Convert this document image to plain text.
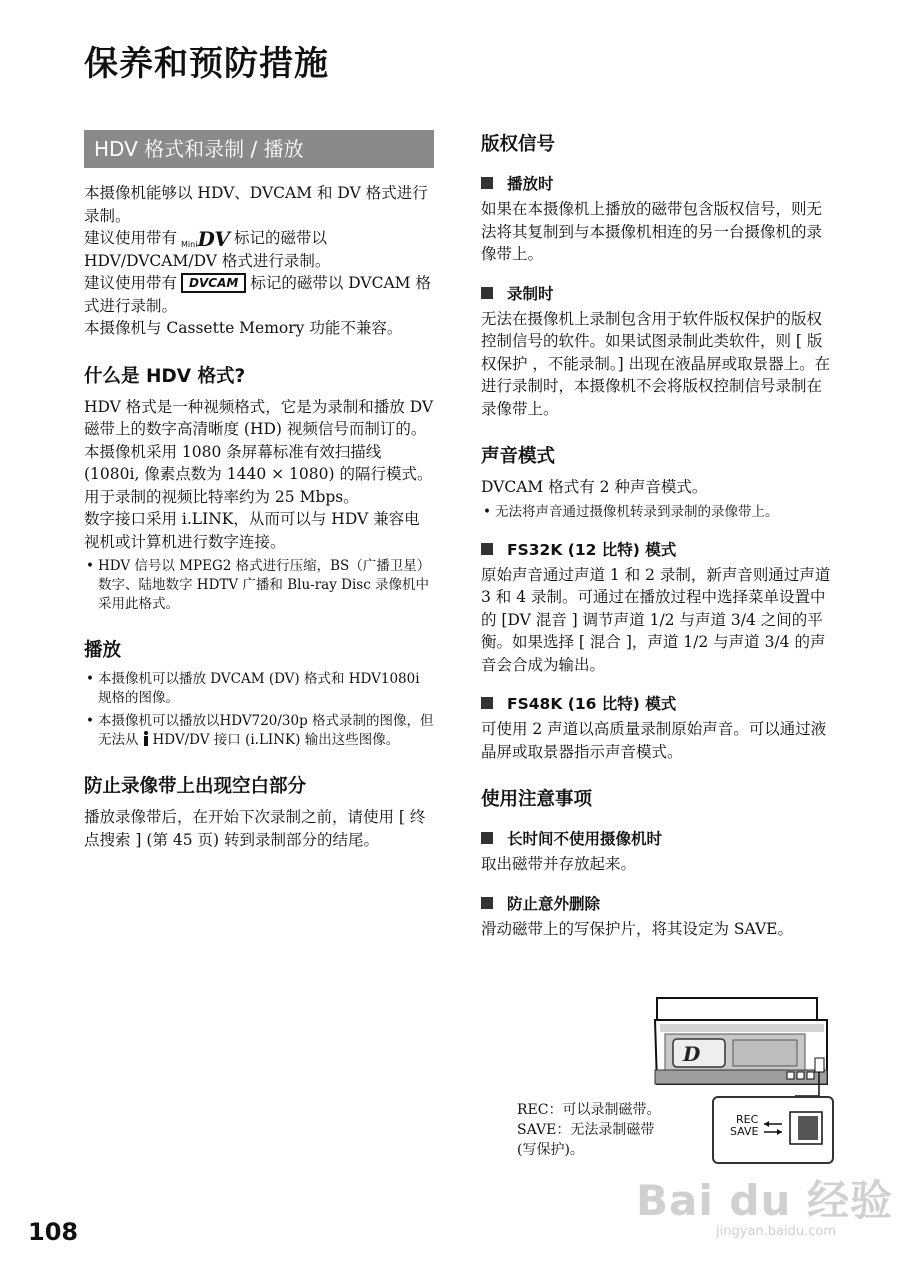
保养和预防措施
HDV 格式和录制 / 播放

本摄像机能够以 HDV、DVCAM 和 DV 格式进行录制。

建议使用带有 Mini DV 标记的磁带以 HDV/DVCAM/DV 格式进行录制。

建议使用带有 DVCAM 标记的磁带以 DVCAM 格式进行录制。

本摄像机与 Cassette Memory 功能不兼容。

什么是 HDV 格式?

HDV 格式是一种视频格式，它是为录制和播放 DV 磁带上的数字高清晰度 (HD) 视频信号而制订的。

本摄像机采用 1080 条屏幕标准有效扫描线 (1080i, 像素点数为 1440 × 1080) 的隔行模式。

用于录制的视频比特率约为 25 Mbps。

数字接口采用 i.LINK，从而可以与 HDV 兼容电视机或计算机进行数字连接。

• HDV 信号以 MPEG2 格式进行压缩，BS（广播卫星）数字、陆地数字 HDTV 广播和 Blu-ray Disc 录像机中采用此格式。
播放
• 本摄像机可以播放 DVCAM (DV) 格式和 HDV1080i 规格的图像。
• 本摄像机可以播放以HDV720/30p 格式录制的图像，但无法从 HDV/DV 接口 (i.LINK) 输出这些图像。
防止录像带上出现空白部分

播放录像带后，在开始下次录制之前，请使用 [ 终点搜索 ] (第 45 页) 转到录制部分的结尾。

版权信号
播放时

如果在本摄像机上播放的磁带包含版权信号，则无法将其复制到与本摄像机相连的另一台摄像机的录像带上。

录制时

无法在摄像机上录制包含用于软件版权保护的版权控制信号的软件。如果试图录制此类软件，则 [ 版权保护 ，不能录制。] 出现在液晶屏或取景器上。在进行录制时，本摄像机不会将版权控制信号录制在录像带上。

声音模式

DVCAM 格式有 2 种声音模式。

• 无法将声音通过摄像机转录到录制的录像带上。
FS32K (12 比特) 模式

原始声音通过声道 1 和 2 录制，新声音则通过声道 3 和 4 录制。可通过在播放过程中选择菜单设置中的 [DV 混音 ] 调节声道 1/2 与声道 3/4 之间的平衡。如果选择 [ 混合 ]，声道 1/2 与声道 3/4 的声音会合成为输出。

FS48K (16 比特) 模式

可使用 2 声道以高质量录制原始声音。可以通过液晶屏或取景器指示声音模式。

使用注意事项
长时间不使用摄像机时

取出磁带并存放起来。

防止意外删除

滑动磁带上的写保护片，将其设定为 SAVE。

D
REC：可以录制磁带。
SAVE：无法录制磁带
(写保护)。
REC
SAVE
108
Bai du 经验
jingyan.baidu.com
